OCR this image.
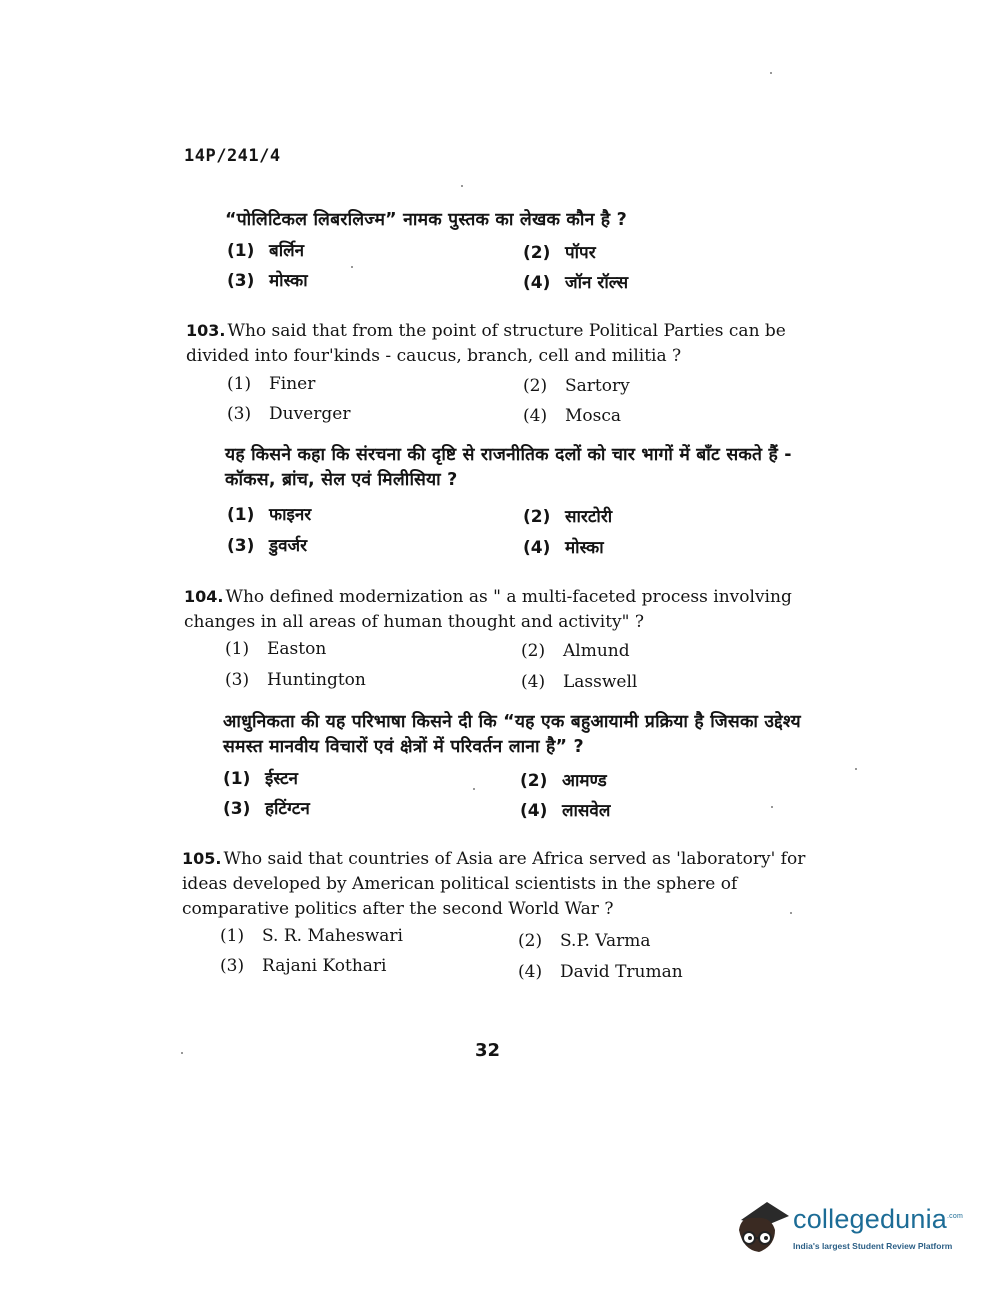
14P/241/4
“पोलिटिकल लिबरलिज्म” नामक पुस्तक का लेखक कौन है ?
(1) बर्लिन	(2) पॉपर
(3) मोस्का	(4) जॉन रॉल्स
103. Who said that from the point of structure Political Parties can be divided into four'kinds - caucus, branch, cell and militia ?
(1) Finer	(2) Sartory
(3) Duverger	(4) Mosca
यह किसने कहा कि संरचना की दृष्टि से राजनीतिक दलों को चार भागों में बाँट सकते हैं - कॉकस, ब्रांच, सेल एवं मिलीसिया ?
(1) फाइनर	(2) सारटोरी
(3) डुवर्जर	(4) मोस्का
104. Who defined modernization as " a multi-faceted process involving changes in all areas of human thought and activity" ?
(1) Easton	(2) Almund
(3) Huntington	(4) Lasswell
आधुनिकता की यह परिभाषा किसने दी कि “यह एक बहुआयामी प्रक्रिया है जिसका उद्देश्य समस्त मानवीय विचारों एवं क्षेत्रों में परिवर्तन लाना है” ?
(1) ईस्टन	(2) आमण्ड
(3) हटिंग्टन	(4) लासवेल
105. Who said that countries of Asia are Africa served as 'laboratory' for ideas developed by American political scientists in the sphere of comparative politics after the second World War ?
(1) S. R. Maheswari	(2) S.P. Varma
(3) Rajani Kothari	(4) David Truman
32
collegedunia$^{.com}$
India's largest Student Review Platform
